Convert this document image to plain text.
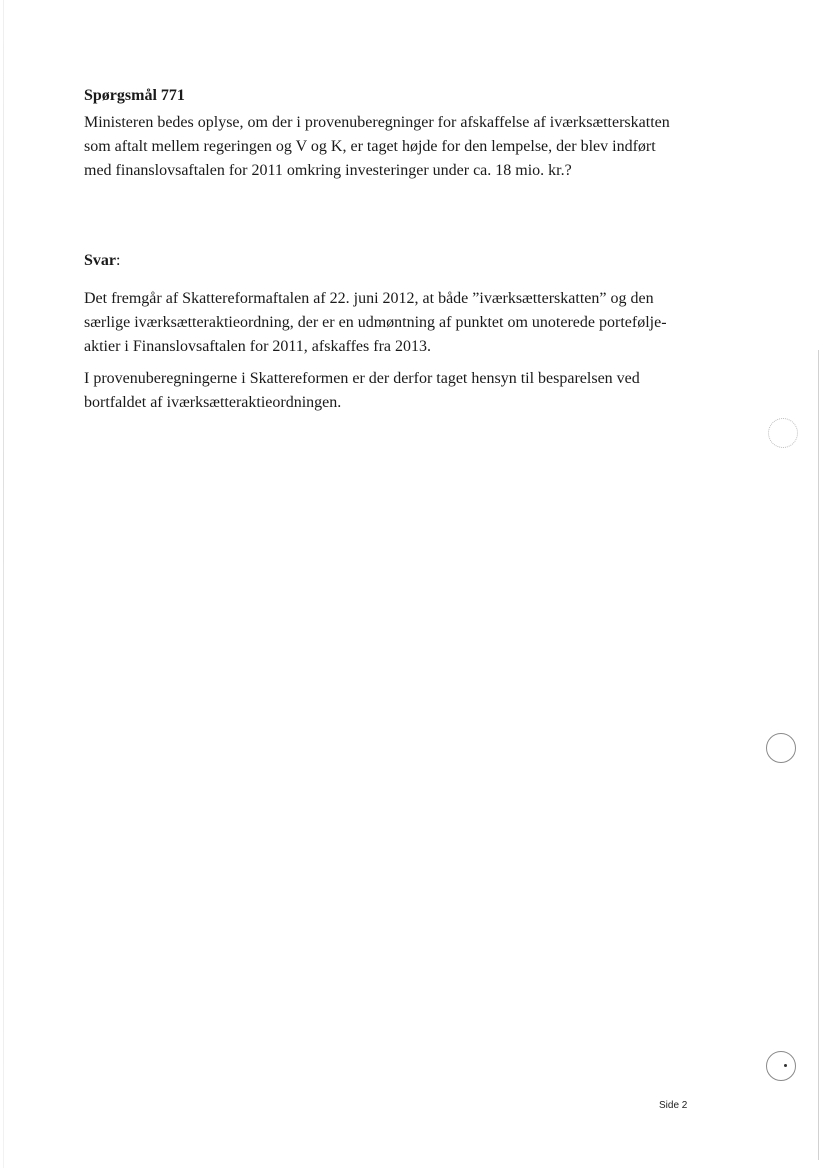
Spørgsmål 771

Ministeren bedes oplyse, om der i provenuberegninger for afskaffelse af iværksætterskatten
som aftalt mellem regeringen og V og K, er taget højde for den lempelse, der blev indført
med finanslovsaftalen for 2011 omkring investeringer under ca. 18 mio. kr.?

Svar:

Det fremgår af Skattereformaftalen af 22. juni 2012, at både ”iværksætterskatten” og den
særlige iværksætteraktieordning, der er en udmøntning af punktet om unoterede portefølje-
aktier i Finanslovsaftalen for 2011, afskaffes fra 2013.

I provenuberegningerne i Skattereformen er der derfor taget hensyn til besparelsen ved
bortfaldet af iværksætteraktieordningen.

Side 2
